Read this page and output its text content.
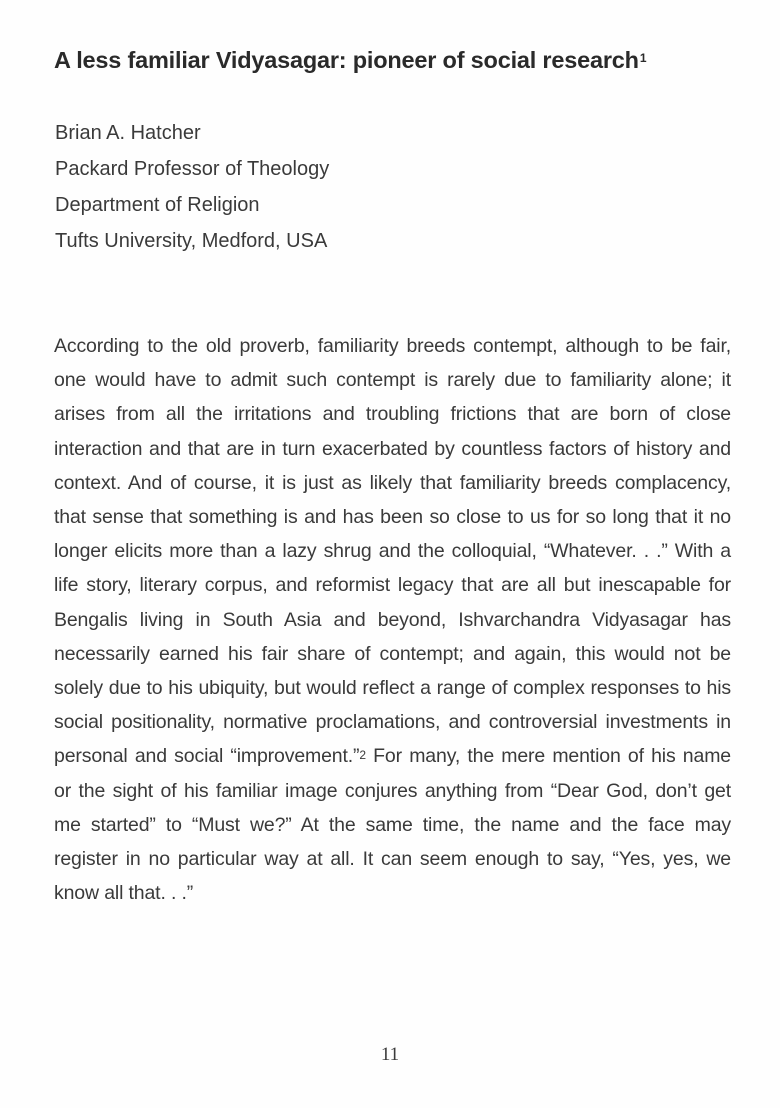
A less familiar Vidyasagar: pioneer of social research$^1$
Brian A. Hatcher
Packard Professor of Theology
Department of Religion
Tufts University, Medford, USA

According to the old proverb, familiarity breeds contempt, although to be fair, one would have to admit such contempt is rarely due to familiarity alone; it arises from all the irritations and troubling frictions that are born of close interaction and that are in turn exacerbated by countless factors of history and context. And of course, it is just as likely that familiarity breeds complacency, that sense that something is and has been so close to us for so long that it no longer elicits more than a lazy shrug and the colloquial, “Whatever. . .” With a life story, literary corpus, and reformist legacy that are all but inescapable for Bengalis living in South Asia and beyond, Ishvarchandra Vidyasagar has necessarily earned his fair share of contempt; and again, this would not be solely due to his ubiquity, but would reflect a range of complex responses to his social positionality, normative proclamations, and controversial investments in personal and social “improvement.”$^2$ For many, the mere mention of his name or the sight of his familiar image conjures anything from “Dear God, don’t get me started” to “Must we?” At the same time, the name and the face may register in no particular way at all. It can seem enough to say, “Yes, yes, we know all that. . .”

11
